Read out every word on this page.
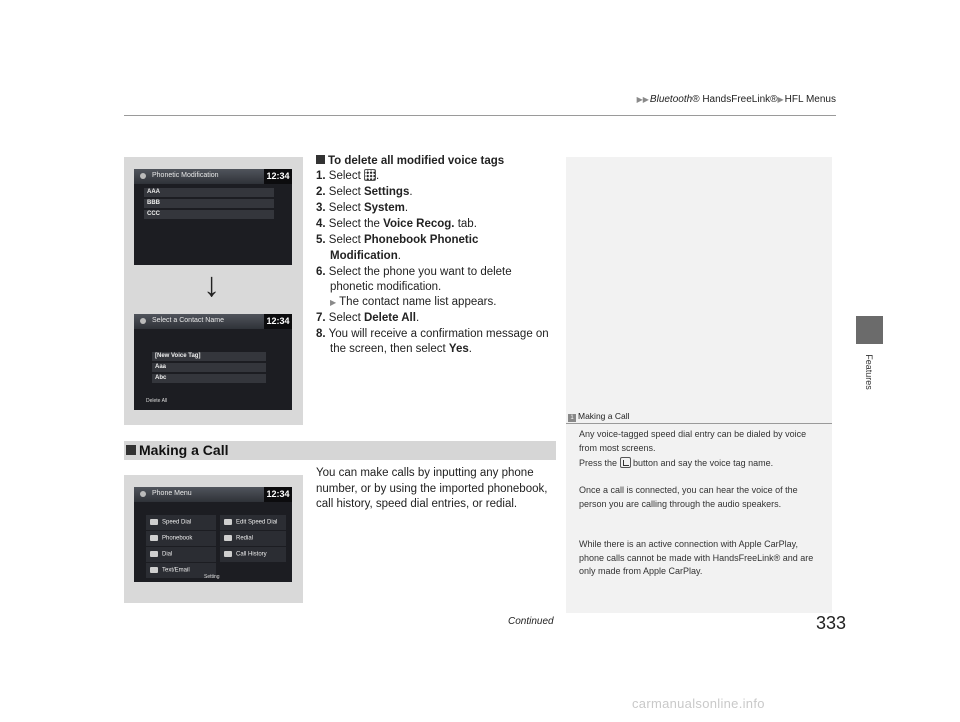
▶▶Bluetooth® HandsFreeLink®▶HFL Menus
Features
Phonetic Modification	12:34
AAA
BBB
CCC
↓
Select a Contact Name	12:34
[New Voice Tag]
Aaa
Abc
Delete All
To delete all modified voice tags
1. Select .
2. Select Settings.
3. Select System.
4. Select the Voice Recog. tab.
5. Select Phonebook Phonetic
Modification.
6. Select the phone you want to delete
phonetic modification.
▶ The contact name list appears.
7. Select Delete All.
8. You will receive a confirmation message on
the screen, then select Yes.
1 Making a Call
Any voice-tagged speed dial entry can be dialed by voice from most screens.
Press the  button and say the voice tag name.
Once a call is connected, you can hear the voice of the person you are calling through the audio speakers.
While there is an active connection with Apple CarPlay, phone calls cannot be made with HandsFreeLink® and are only made from Apple CarPlay.
Making a Call
You can make calls by inputting any phone number, or by using the imported phonebook, call history, speed dial entries, or redial.
Phone Menu	12:34
Speed Dial	Edit Speed Dial
Phonebook	Redial
Dial	Call History
Text/Email
Setting
Continued	333
carmanualsonline.info
